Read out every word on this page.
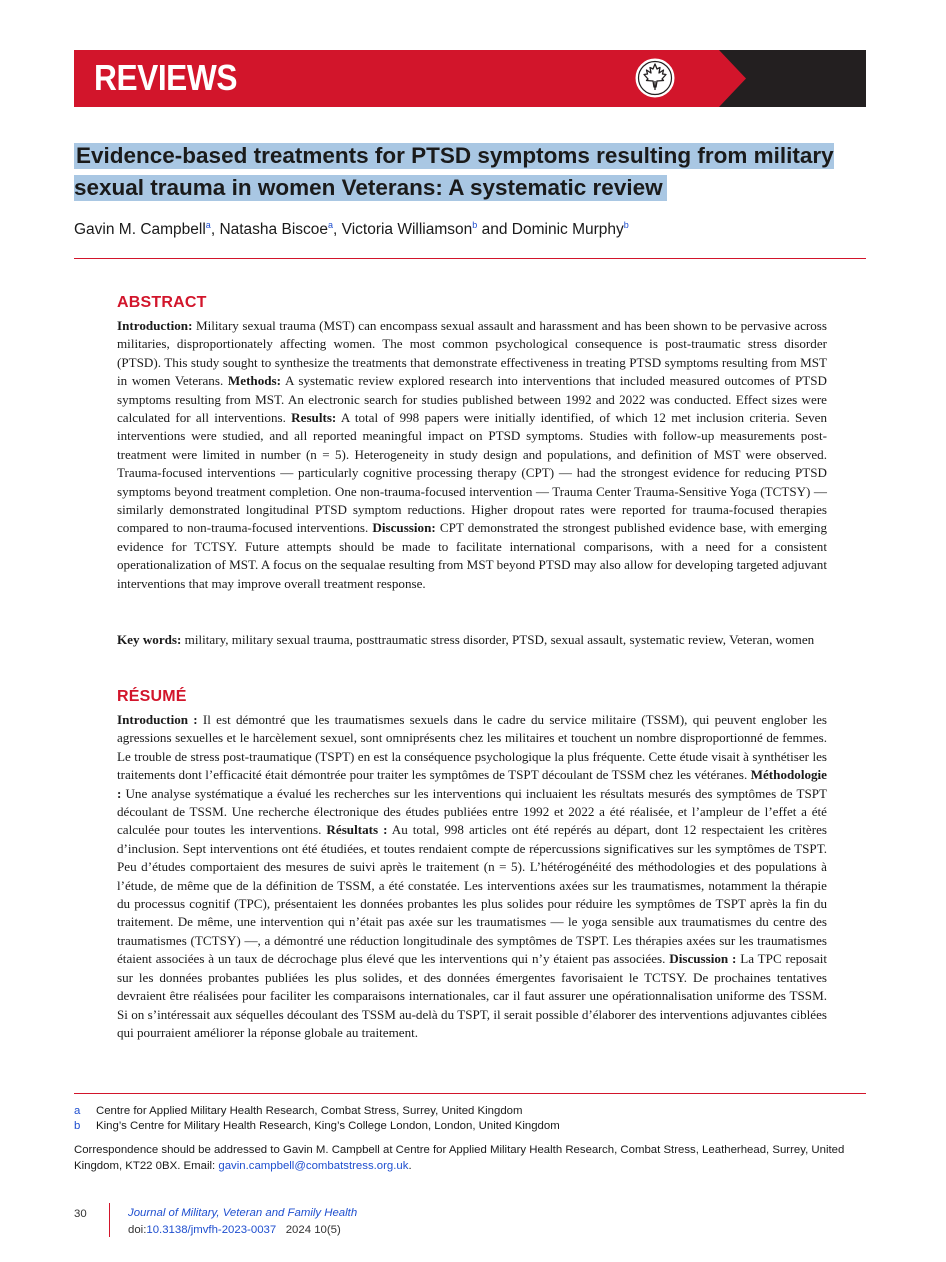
REVIEWS
Evidence-based treatments for PTSD symptoms resulting from military sexual trauma in women Veterans: A systematic review
Gavin M. Campbell$^a$, Natasha Biscoe$^a$, Victoria Williamson$^b$ and Dominic Murphy$^b$
ABSTRACT
Introduction: Military sexual trauma (MST) can encompass sexual assault and harassment and has been shown to be pervasive across militaries, disproportionately affecting women. The most common psychological consequence is post-traumatic stress disorder (PTSD). This study sought to synthesize the treatments that demonstrate effectiveness in treating PTSD symptoms resulting from MST in women Veterans. Methods: A systematic review explored research into interventions that included measured outcomes of PTSD symptoms resulting from MST. An electronic search for studies published between 1992 and 2022 was conducted. Effect sizes were calculated for all interventions. Results: A total of 998 papers were initially identified, of which 12 met inclusion criteria. Seven interventions were studied, and all reported meaningful impact on PTSD symptoms. Studies with follow-up measurements post-treatment were limited in number (n = 5). Heterogeneity in study design and populations, and definition of MST were observed. Trauma-focused interventions — particularly cognitive processing therapy (CPT) — had the strongest evidence for reducing PTSD symptoms beyond treatment completion. One non-trauma-focused intervention — Trauma Center Trauma-Sensitive Yoga (TCTSY) — similarly demonstrated longitudinal PTSD symptom reductions. Higher dropout rates were reported for trauma-focused therapies compared to non-trauma-focused interventions. Discussion: CPT demonstrated the strongest published evidence base, with emerging evidence for TCTSY. Future attempts should be made to facilitate international comparisons, with a need for a consistent operationalization of MST. A focus on the sequalae resulting from MST beyond PTSD may also allow for developing targeted adjuvant interventions that may improve overall treatment response.
Key words: military, military sexual trauma, posttraumatic stress disorder, PTSD, sexual assault, systematic review, Veteran, women
RÉSUMÉ
Introduction : Il est démontré que les traumatismes sexuels dans le cadre du service militaire (TSSM), qui peuvent englober les agressions sexuelles et le harcèlement sexuel, sont omniprésents chez les militaires et touchent un nombre disproportionné de femmes. Le trouble de stress post-traumatique (TSPT) en est la conséquence psychologique la plus fréquente. Cette étude visait à synthétiser les traitements dont l’efficacité était démontrée pour traiter les symptômes de TSPT découlant de TSSM chez les vétéranes. Méthodologie : Une analyse systématique a évalué les recherches sur les interventions qui incluaient les résultats mesurés des symptômes de TSPT découlant de TSSM. Une recherche électronique des études publiées entre 1992 et 2022 a été réalisée, et l’ampleur de l’effet a été calculée pour toutes les interventions. Résultats : Au total, 998 articles ont été repérés au départ, dont 12 respectaient les critères d’inclusion. Sept interventions ont été étudiées, et toutes rendaient compte de répercussions significatives sur les symptômes de TSPT. Peu d’études comportaient des mesures de suivi après le traitement (n = 5). L’hétérogénéité des méthodologies et des populations à l’étude, de même que de la définition de TSSM, a été constatée. Les interventions axées sur les traumatismes, notamment la thérapie du processus cognitif (TPC), présentaient les données probantes les plus solides pour réduire les symptômes de TSPT après la fin du traitement. De même, une intervention qui n’était pas axée sur les traumatismes — le yoga sensible aux traumatismes du centre des traumatismes (TCTSY) —, a démontré une réduction longitudinale des symptômes de TSPT. Les thérapies axées sur les traumatismes étaient associées à un taux de décrochage plus élevé que les interventions qui n’y étaient pas associées. Discussion : La TPC reposait sur les données probantes publiées les plus solides, et des données émergentes favorisaient le TCTSY. De prochaines tentatives devraient être réalisées pour faciliter les comparaisons internationales, car il faut assurer une opérationnalisation uniforme des TSSM. Si on s’intéressait aux séquelles découlant des TSSM au-delà du TSPT, il serait possible d’élaborer des interventions adjuvantes ciblées qui pourraient améliorer la réponse globale au traitement.
a	Centre for Applied Military Health Research, Combat Stress, Surrey, United Kingdom
b	King’s Centre for Military Health Research, King’s College London, London, United Kingdom
Correspondence should be addressed to Gavin M. Campbell at Centre for Applied Military Health Research, Combat Stress, Leatherhead, Surrey, United Kingdom, KT22 0BX. Email: gavin.campbell@combatstress.org.uk.
30	Journal of Military, Veteran and Family Health
doi:10.3138/jmvfh-2023-0037 2024 10(5)
